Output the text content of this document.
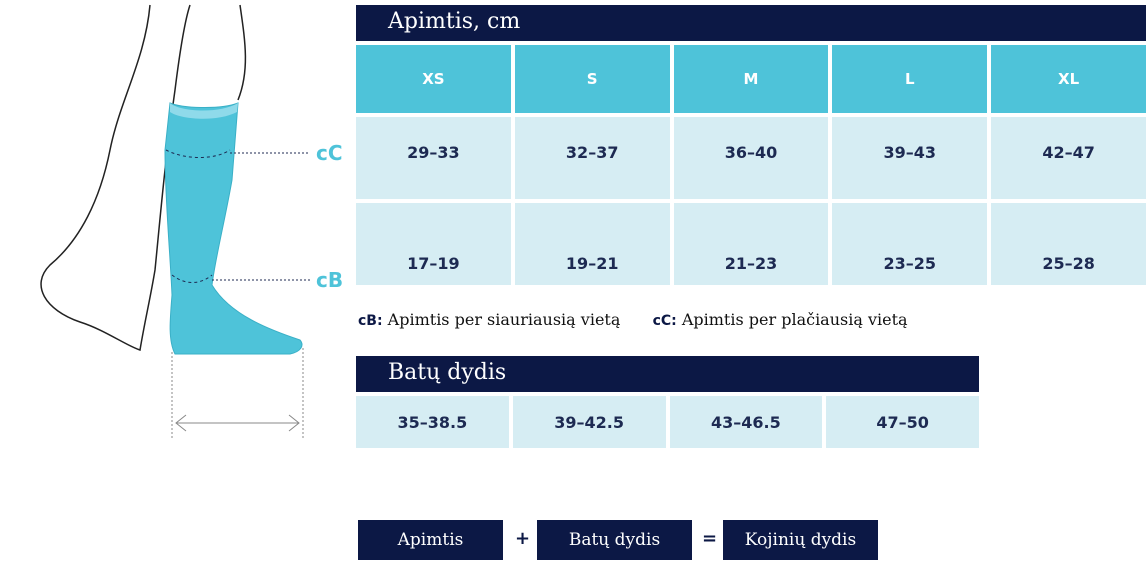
cC
cB
Apimtis, cm
XS	S	M	L	XL
29–33	32–37	36–40	39–43	42–47
17–19	19–21	21–23	23–25	25–28
cB: Apimtis per siauriausią vietą cC: Apimtis per plačiausią vietą
Batų dydis
35–38.5	39–42.5	43–46.5	47–50
Apimtis	+	Batų dydis	=	Kojinių dydis
